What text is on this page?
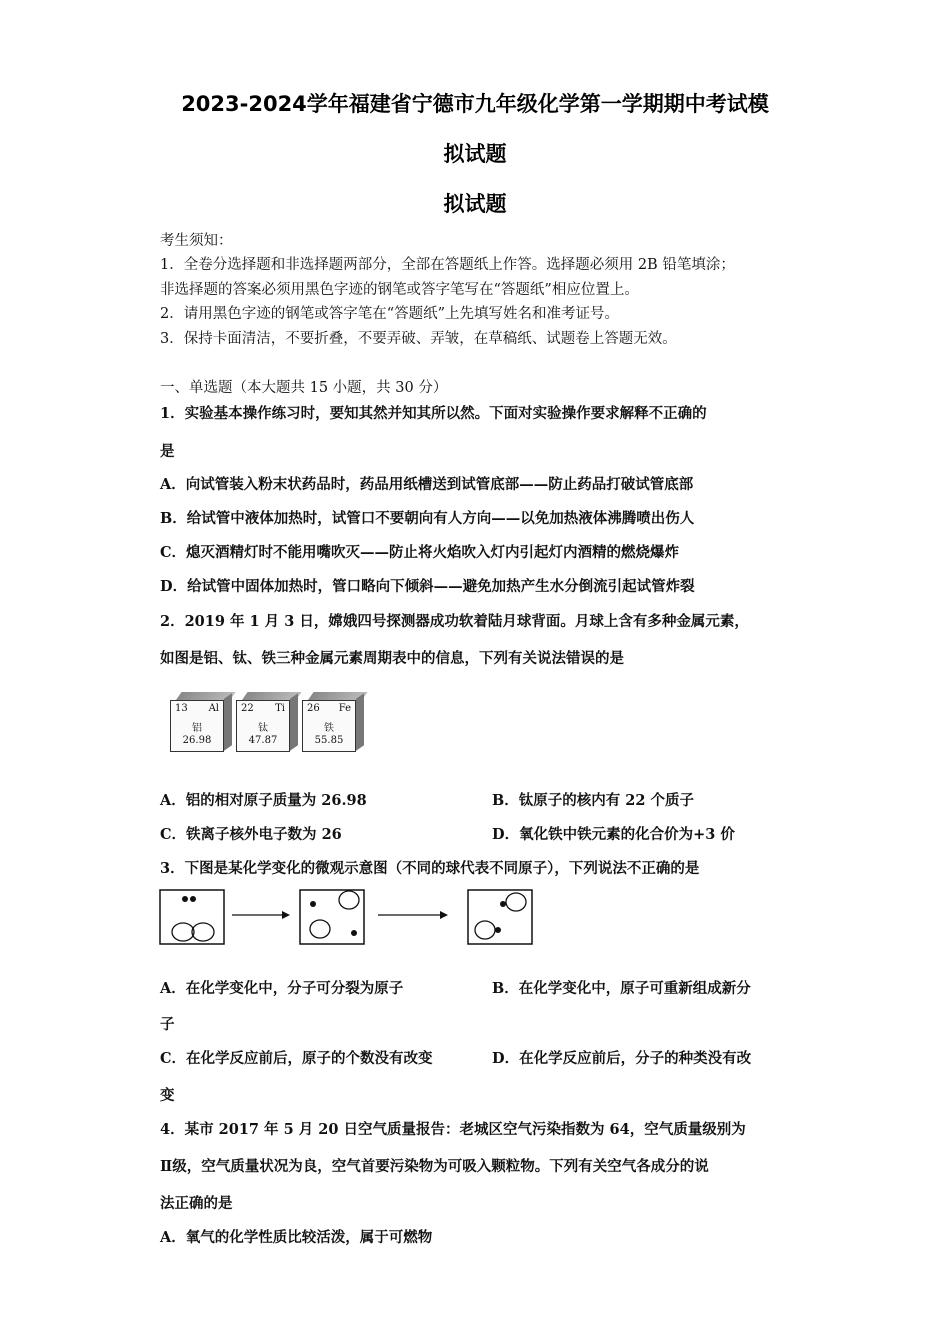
2023-2024学年福建省宁德市九年级化学第一学期期中考试模
拟试题
拟试题
考生须知：
1．全卷分选择题和非选择题两部分，全部在答题纸上作答。选择题必须用 2B 铅笔填涂；
非选择题的答案必须用黑色字迹的钢笔或答字笔写在“答题纸”相应位置上。
2．请用黑色字迹的钢笔或答字笔在“答题纸”上先填写姓名和准考证号。
3．保持卡面清洁，不要折叠，不要弄破、弄皱，在草稿纸、试题卷上答题无效。
一、单选题（本大题共 15 小题，共 30 分）
1．实验基本操作练习时，要知其然并知其所以然。下面对实验操作要求解释不正确的
是
A．向试管装入粉末状药品时，药品用纸槽送到试管底部——防止药品打破试管底部
B．给试管中液体加热时，试管口不要朝向有人方向——以免加热液体沸腾喷出伤人
C．熄灭酒精灯时不能用嘴吹灭——防止将火焰吹入灯内引起灯内酒精的燃烧爆炸
D．给试管中固体加热时，管口略向下倾斜——避免加热产生水分倒流引起试管炸裂
2．2019 年 1 月 3 日，嫦娥四号探测器成功软着陆月球背面。月球上含有多种金属元素，
如图是铝、钛、铁三种金属元素周期表中的信息，下列有关说法错误的是
13 Al
铝
26.98
22 Ti
钛
47.87
26 Fe
铁
55.85
A．铝的相对原子质量为 26.98	B．钛原子的核内有 22 个质子
C．铁离子核外电子数为 26	D．氧化铁中铁元素的化合价为+3 价
3．下图是某化学变化的微观示意图（不同的球代表不同原子），下列说法不正确的是
A．在化学变化中，分子可分裂为原子	B．在化学变化中，原子可重新组成新分
子
C．在化学反应前后，原子的个数没有改变	D．在化学反应前后，分子的种类没有改
变
4．某市 2017 年 5 月 20 日空气质量报告：老城区空气污染指数为 64，空气质量级别为
Ⅱ级，空气质量状况为良，空气首要污染物为可吸入颗粒物。下列有关空气各成分的说
法正确的是
A．氧气的化学性质比较活泼，属于可燃物
